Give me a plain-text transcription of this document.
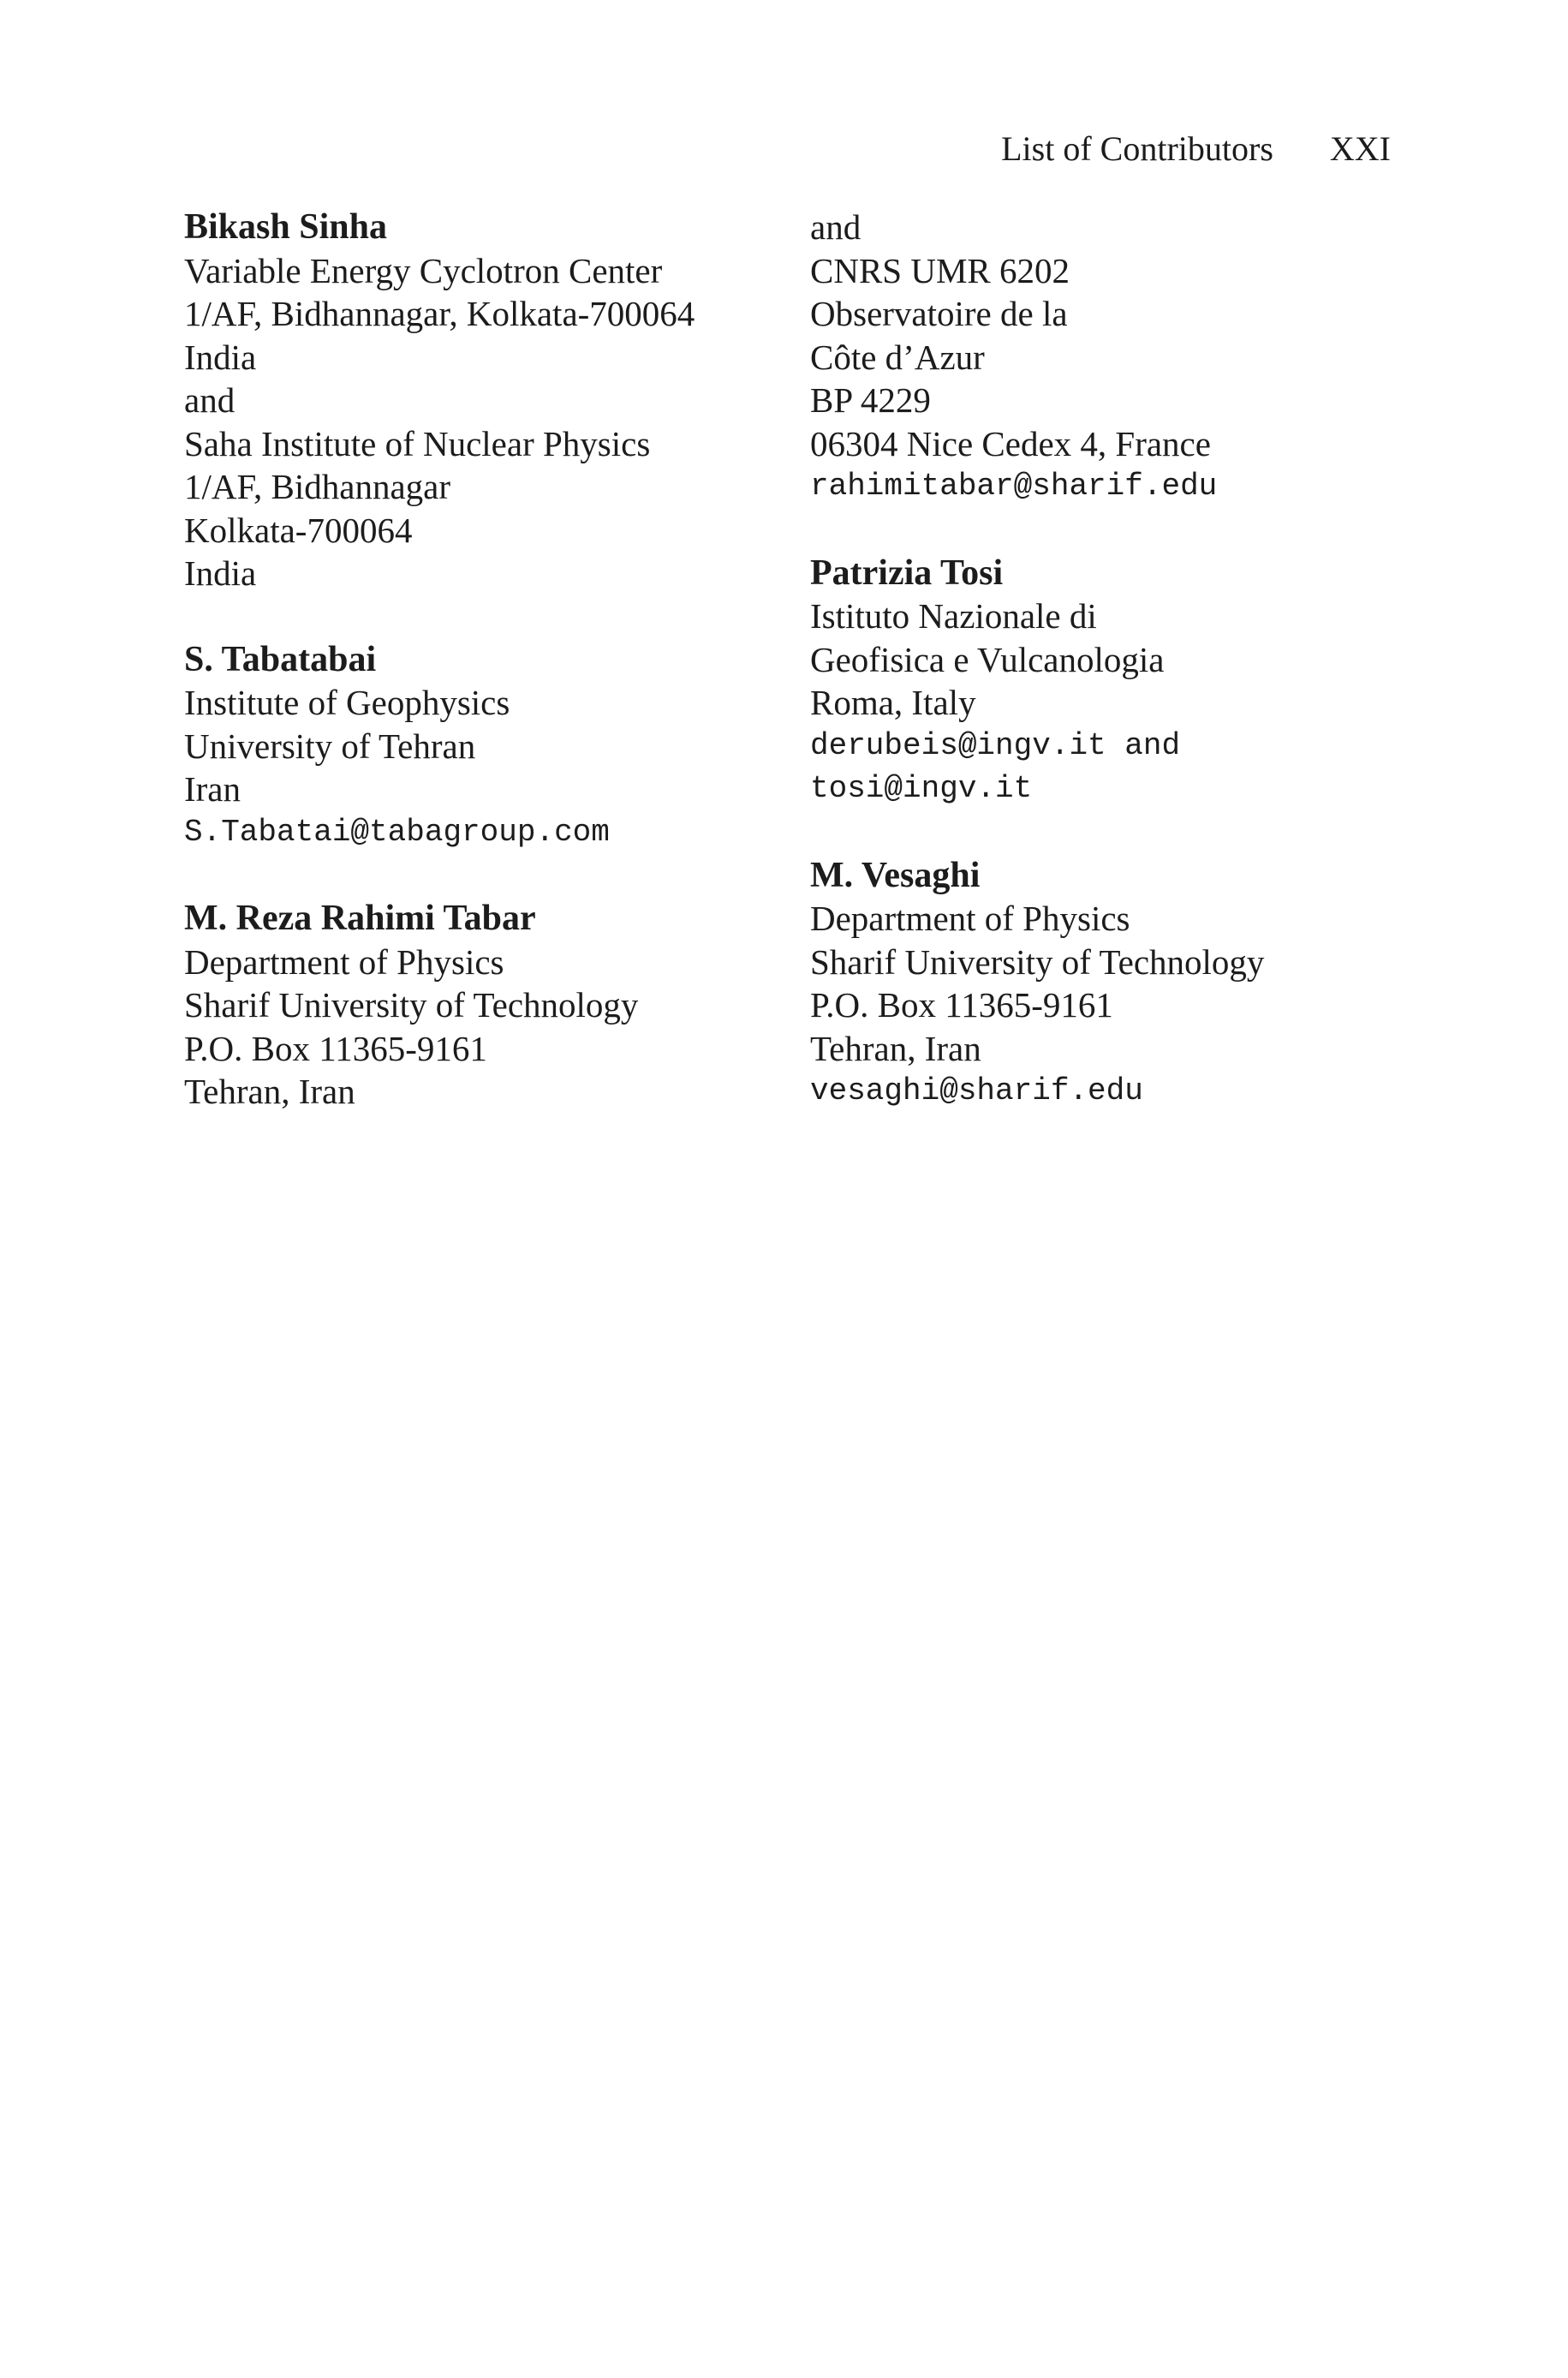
List of Contributors XXI
Bikash Sinha
Variable Energy Cyclotron Center
1/AF, Bidhannagar, Kolkata-700064
India
and
Saha Institute of Nuclear Physics
1/AF, Bidhannagar
Kolkata-700064
India
S. Tabatabai
Institute of Geophysics
University of Tehran
Iran
S.Tabatai@tabagroup.com
M. Reza Rahimi Tabar
Department of Physics
Sharif University of Technology
P.O. Box 11365-9161
Tehran, Iran
and
CNRS UMR 6202
Observatoire de la
Côte d’Azur
BP 4229
06304 Nice Cedex 4, France
rahimitabar@sharif.edu
Patrizia Tosi
Istituto Nazionale di
Geofisica e Vulcanologia
Roma, Italy
derubeis@ingv.it and
tosi@ingv.it
M. Vesaghi
Department of Physics
Sharif University of Technology
P.O. Box 11365-9161
Tehran, Iran
vesaghi@sharif.edu
